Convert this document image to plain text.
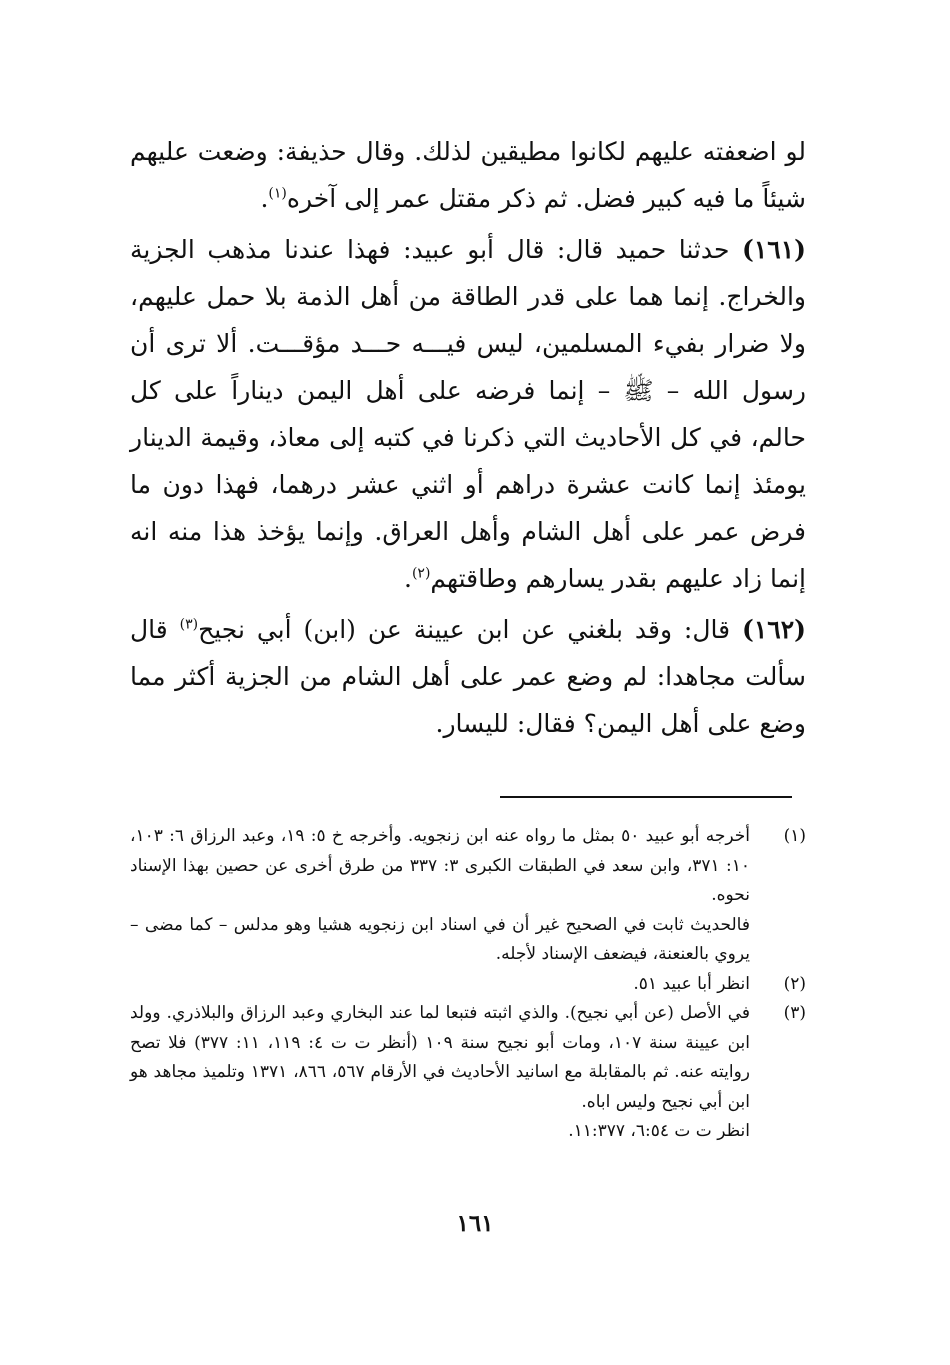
لو اضعفته عليهم لكانوا مطيقين لذلك. وقال حذيفة: وضعت عليهم شيئاً ما فيه كبير فضل. ثم ذكر مقتل عمر إلى آخره$^{(١)}$.

(١٦١) حدثنا حميد قال: قال أبو عبيد: فهذا عندنا مذهب الجزية والخراج. إنما هما على قدر الطاقة من أهل الذمة بلا حمل عليهم، ولا ضرار بفيء المسلمين، ليس فيـــه حـــد مؤقـــت. ألا ترى أن رسول الله – ﷺ – إنما فرضه على أهل اليمن ديناراً على كل حالم، في كل الأحاديث التي ذكرنا في كتبه إلى معاذ، وقيمة الدينار يومئذ إنما كانت عشرة دراهم أو اثني عشر درهما، فهذا دون ما فرض عمر على أهل الشام وأهل العراق. وإنما يؤخذ هذا منه انه إنما زاد عليهم بقدر يسارهم وطاقتهم$^{(٢)}$.

(١٦٢) قال: وقد بلغني عن ابن عيينة عن (ابن) أبي نجيح$^{(٣)}$ قال سألت مجاهدا: لم وضع عمر على أهل الشام من الجزية أكثر مما وضع على أهل اليمن؟ فقال: لليسار.

(١)
أخرجه أبو عبيد ٥٠ بمثل ما رواه عنه ابن زنجويه. وأخرجه خ ٥: ١٩، وعبد الرزاق ٦: ١٠٣، ١٠: ٣٧١، وابن سعد في الطبقات الكبرى ٣: ٣٣٧ من طرق أخرى عن حصين بهذا الإسناد نحوه.
فالحديث ثابت في الصحيح غير أن في اسناد ابن زنجويه هشيا وهو مدلس – كما مضى – يروي بالعنعنة، فيضعف الإسناد لأجله.
(٢)
انظر أبا عبيد ٥١.
(٣)
في الأصل (عن أبي نجيح). والذي اثبته فتبعا لما عند البخاري وعبد الرزاق والبلاذري. وولد ابن عيينة سنة ١٠٧، ومات أبو نجيح سنة ١٠٩ (أنظر ت ت ٤: ١١٩، ١١: ٣٧٧) فلا تصح روايته عنه. ثم بالمقابلة مع اسانيد الأحاديث في الأرقام ٥٦٧، ٨٦٦، ١٣٧١ وتلميذ مجاهد هو ابن أبي نجيح وليس اباه.
انظر ت ت ٦:٥٤، ١١:٣٧٧.
١٦١
